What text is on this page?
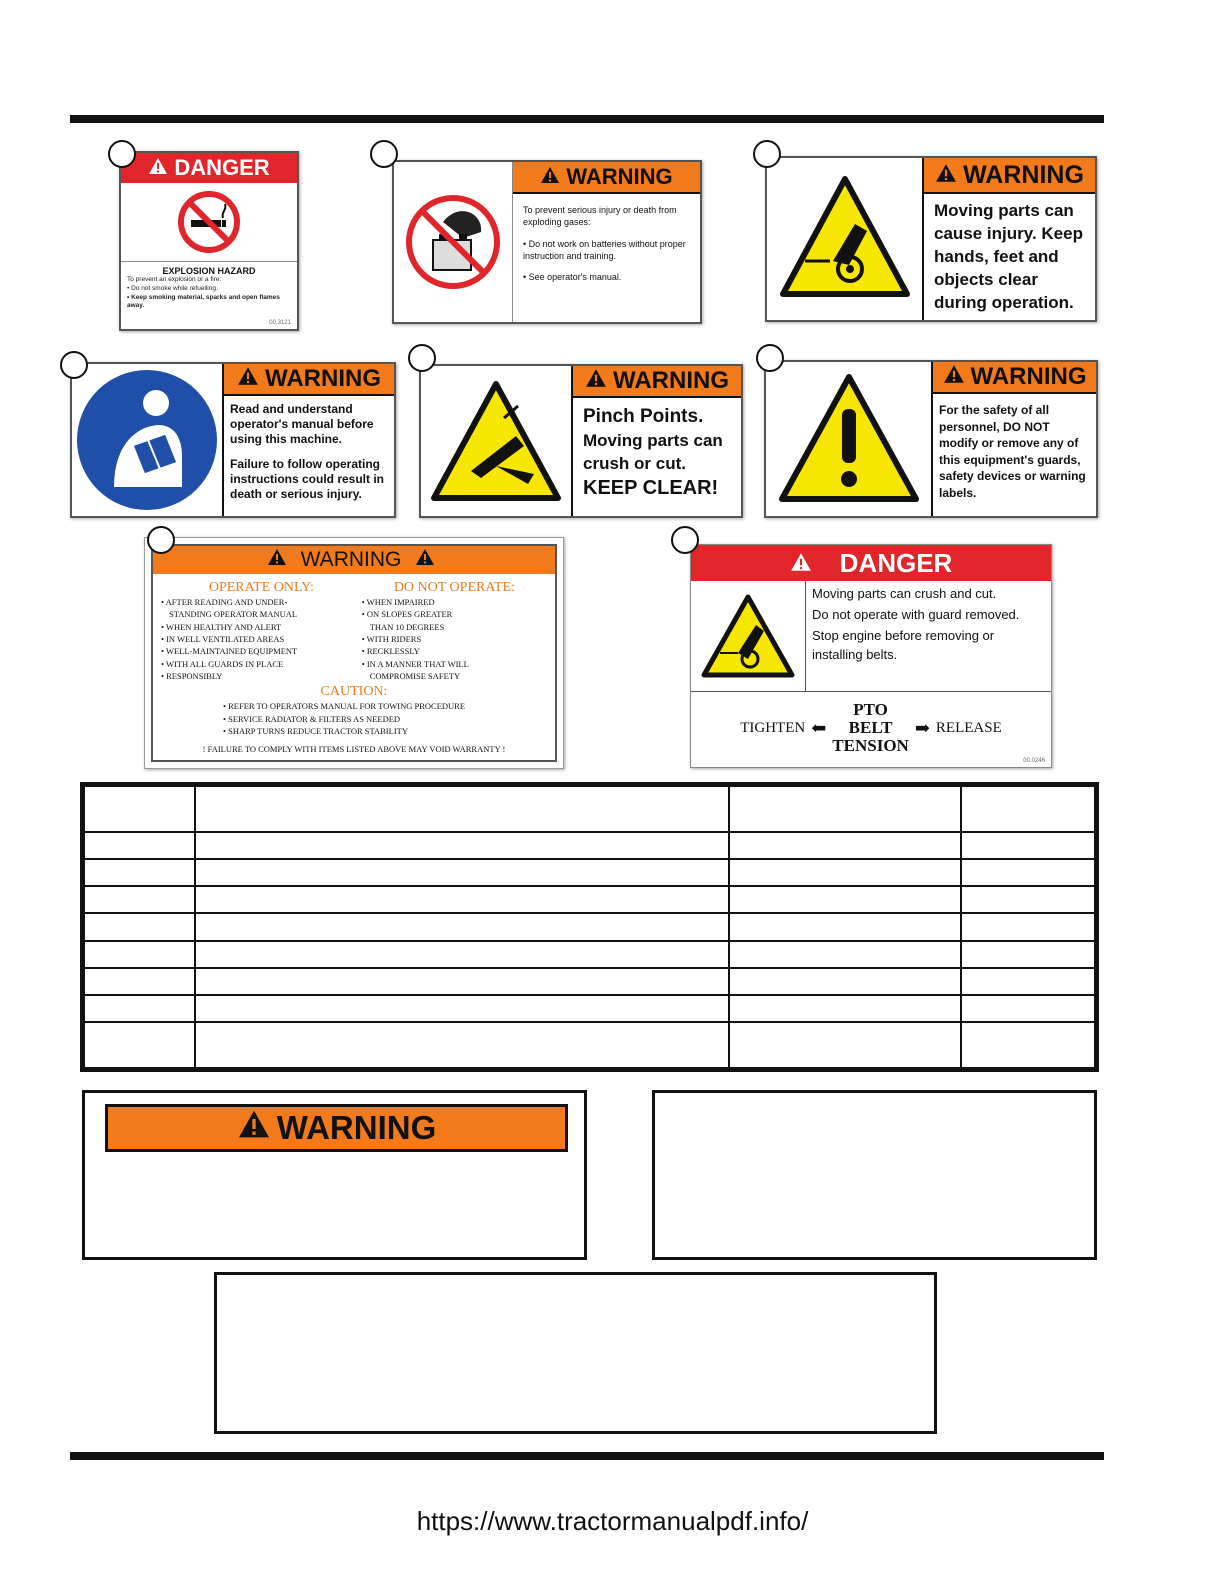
DANGER
EXPLOSION HAZARD
To prevent an explosion or a fire:
• Do not smoke while refuelling.
• Keep smoking material, sparks and open flames away.
00.3121
WARNING
To prevent serious injury or death from exploding gases:
• Do not work on batteries without proper instruction and training.
• See operator's manual.
WARNING
Moving parts can cause injury. Keep hands, feet and objects clear during operation.
WARNING
Read and understand operator's manual before using this machine.
Failure to follow operating instructions could result in death or serious injury.
WARNING
Pinch Points.
Moving parts can
crush or cut.
KEEP CLEAR!
WARNING
For the safety of all personnel, DO NOT modify or remove any of this equipment's guards, safety devices or warning labels.
WARNING
OPERATE ONLY:
• AFTER READING AND UNDER-
STANDING OPERATOR MANUAL
• WHEN HEALTHY AND ALERT
• IN WELL VENTILATED AREAS
• WELL-MAINTAINED EQUIPMENT
• WITH ALL GUARDS IN PLACE
• RESPONSIBLY
DO NOT OPERATE:
• WHEN IMPAIRED
• ON SLOPES GREATER
THAN 10 DEGREES
• WITH RIDERS
• RECKLESSLY
• IN A MANNER THAT WILL
COMPROMISE SAFETY
CAUTION:
• REFER TO OPERATORS MANUAL FOR TOWING PROCEDURE
• SERVICE RADIATOR & FILTERS AS NEEDED
• SHARP TURNS REDUCE TRACTOR STABILITY
! FAILURE TO COMPLY WITH ITEMS LISTED ABOVE MAY VOID WARRANTY !
DANGER
Moving parts can crush and cut.
Do not operate with guard removed.
Stop engine before removing or installing belts.
TIGHTEN ⬅
PTO
BELT
TENSION
➡ RELEASE
00.0246

WARNING
https://www.tractormanualpdf.info/
